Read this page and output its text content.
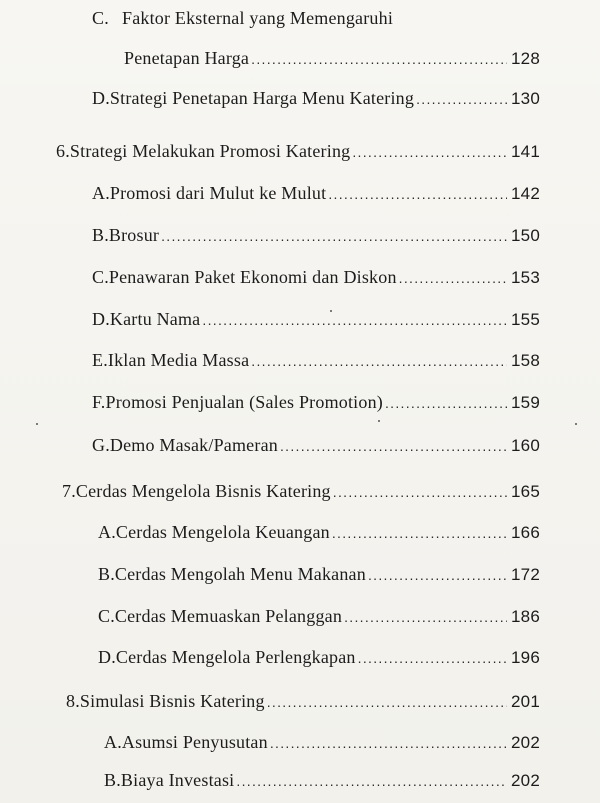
C. Faktor Eksternal yang Memengaruhi
Penetapan Harga .....	128
D. Strategi Penetapan Harga Menu Katering .....	130
6. Strategi Melakukan Promosi Katering .....	141
A. Promosi dari Mulut ke Mulut .....	142
B. Brosur .....	150
C. Penawaran Paket Ekonomi dan Diskon .....	153
D. Kartu Nama .....	155
E. Iklan Media Massa .....	158
F. Promosi Penjualan (Sales Promotion) .....	159
G. Demo Masak/Pameran .....	160
7. Cerdas Mengelola Bisnis Katering .....	165
A. Cerdas Mengelola Keuangan .....	166
B. Cerdas Mengolah Menu Makanan .....	172
C. Cerdas Memuaskan Pelanggan .....	186
D. Cerdas Mengelola Perlengkapan .....	196
8. Simulasi Bisnis Katering .....	201
A. Asumsi Penyusutan .....	202
B. Biaya Investasi .....	202
